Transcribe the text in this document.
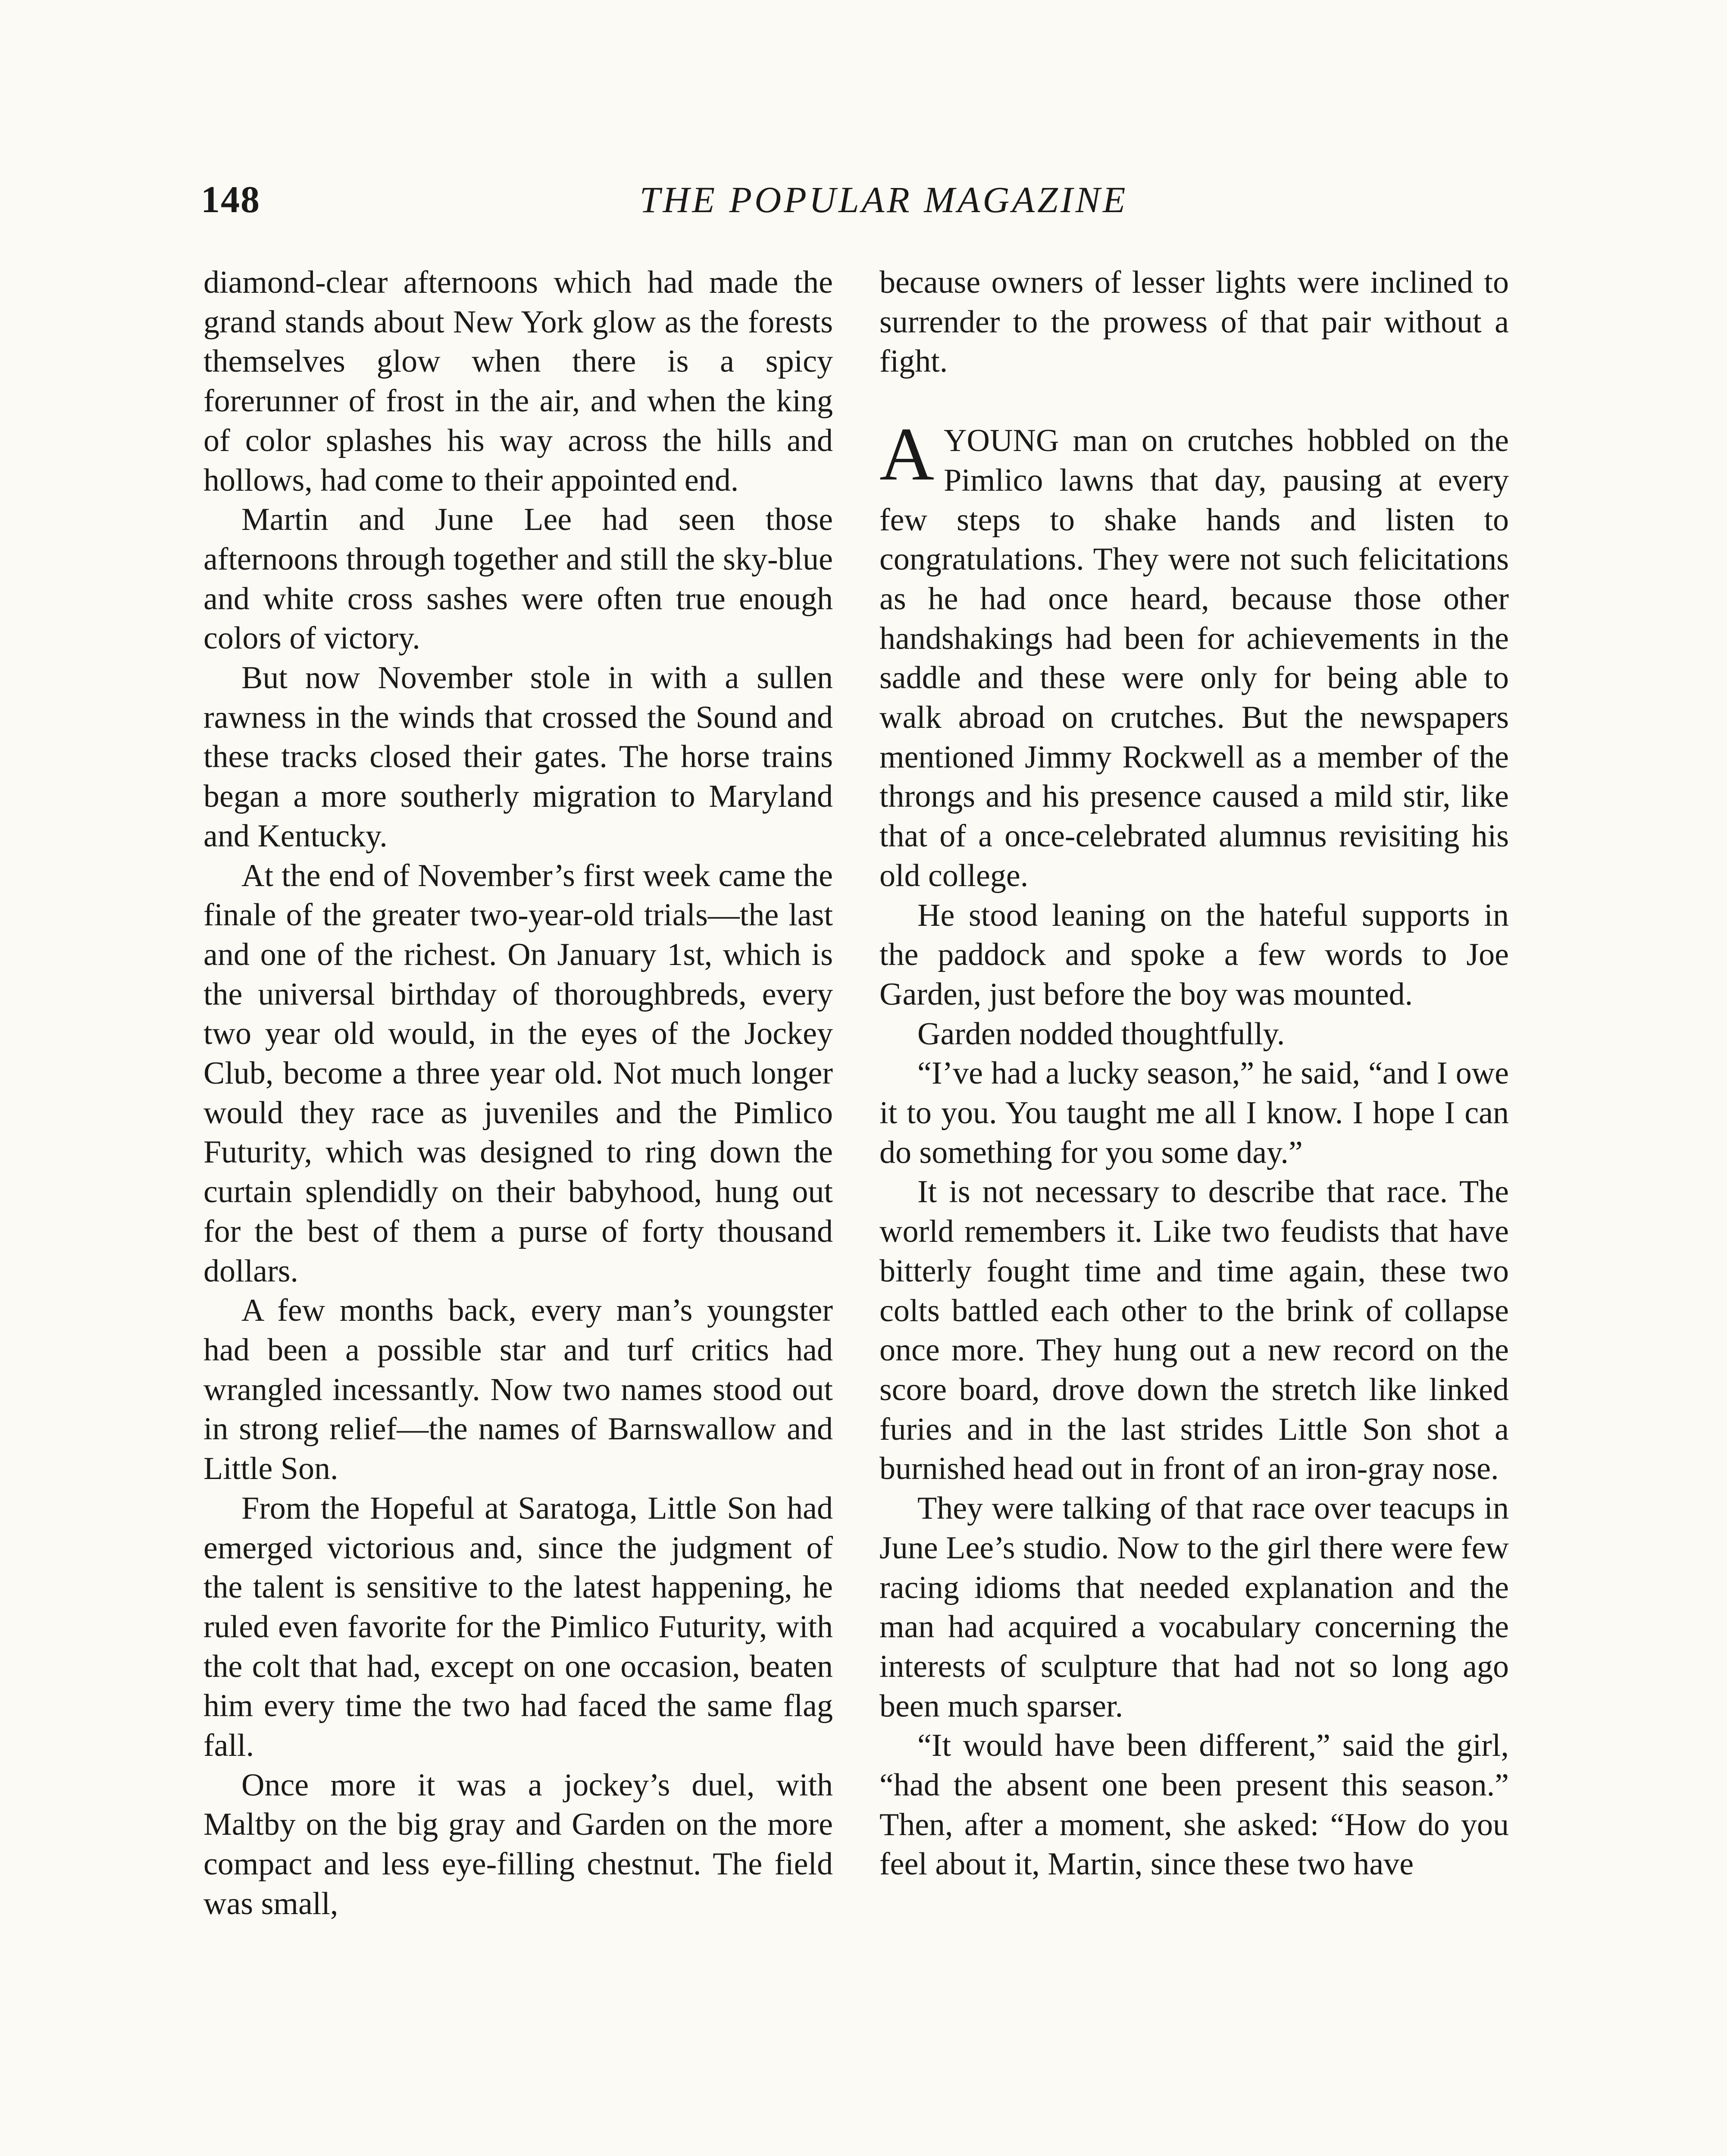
148	THE POPULAR MAGAZINE

diamond-clear afternoons which had made the grand stands about New York glow as the forests themselves glow when there is a spicy forerunner of frost in the air, and when the king of color splashes his way across the hills and hollows, had come to their appointed end.

Martin and June Lee had seen those afternoons through together and still the sky-blue and white cross sashes were often true enough colors of victory.

But now November stole in with a sullen rawness in the winds that crossed the Sound and these tracks closed their gates. The horse trains began a more southerly migration to Maryland and Kentucky.

At the end of November’s first week came the finale of the greater two-year-old trials—the last and one of the richest. On January 1st, which is the universal birthday of thoroughbreds, every two year old would, in the eyes of the Jockey Club, become a three year old. Not much longer would they race as juveniles and the Pimlico Futurity, which was designed to ring down the curtain splendidly on their babyhood, hung out for the best of them a purse of forty thousand dollars.

A few months back, every man’s youngster had been a possible star and turf critics had wrangled incessantly. Now two names stood out in strong relief—the names of Barnswallow and Little Son.

From the Hopeful at Saratoga, Little Son had emerged victorious and, since the judgment of the talent is sensitive to the latest happening, he ruled even favorite for the Pimlico Futurity, with the colt that had, except on one occasion, beaten him every time the two had faced the same flag fall.

Once more it was a jockey’s duel, with Maltby on the big gray and Garden on the more compact and less eye-filling chestnut. The field was small,

because owners of lesser lights were inclined to surrender to the prowess of that pair without a fight.

AYOUNG man on crutches hobbled on the Pimlico lawns that day, pausing at every few steps to shake hands and listen to congratulations. They were not such felicitations as he had once heard, because those other handshakings had been for achievements in the saddle and these were only for being able to walk abroad on crutches. But the newspapers mentioned Jimmy Rockwell as a member of the throngs and his presence caused a mild stir, like that of a once-celebrated alumnus revisiting his old college.

He stood leaning on the hateful supports in the paddock and spoke a few words to Joe Garden, just before the boy was mounted.

Garden nodded thoughtfully.

“I’ve had a lucky season,” he said, “and I owe it to you. You taught me all I know. I hope I can do something for you some day.”

It is not necessary to describe that race. The world remembers it. Like two feudists that have bitterly fought time and time again, these two colts battled each other to the brink of collapse once more. They hung out a new record on the score board, drove down the stretch like linked furies and in the last strides Little Son shot a burnished head out in front of an iron-gray nose.

They were talking of that race over teacups in June Lee’s studio. Now to the girl there were few racing idioms that needed explanation and the man had acquired a vocabulary concerning the interests of sculpture that had not so long ago been much sparser.

“It would have been different,” said the girl, “had the absent one been present this season.” Then, after a moment, she asked: “How do you feel about it, Martin, since these two have
